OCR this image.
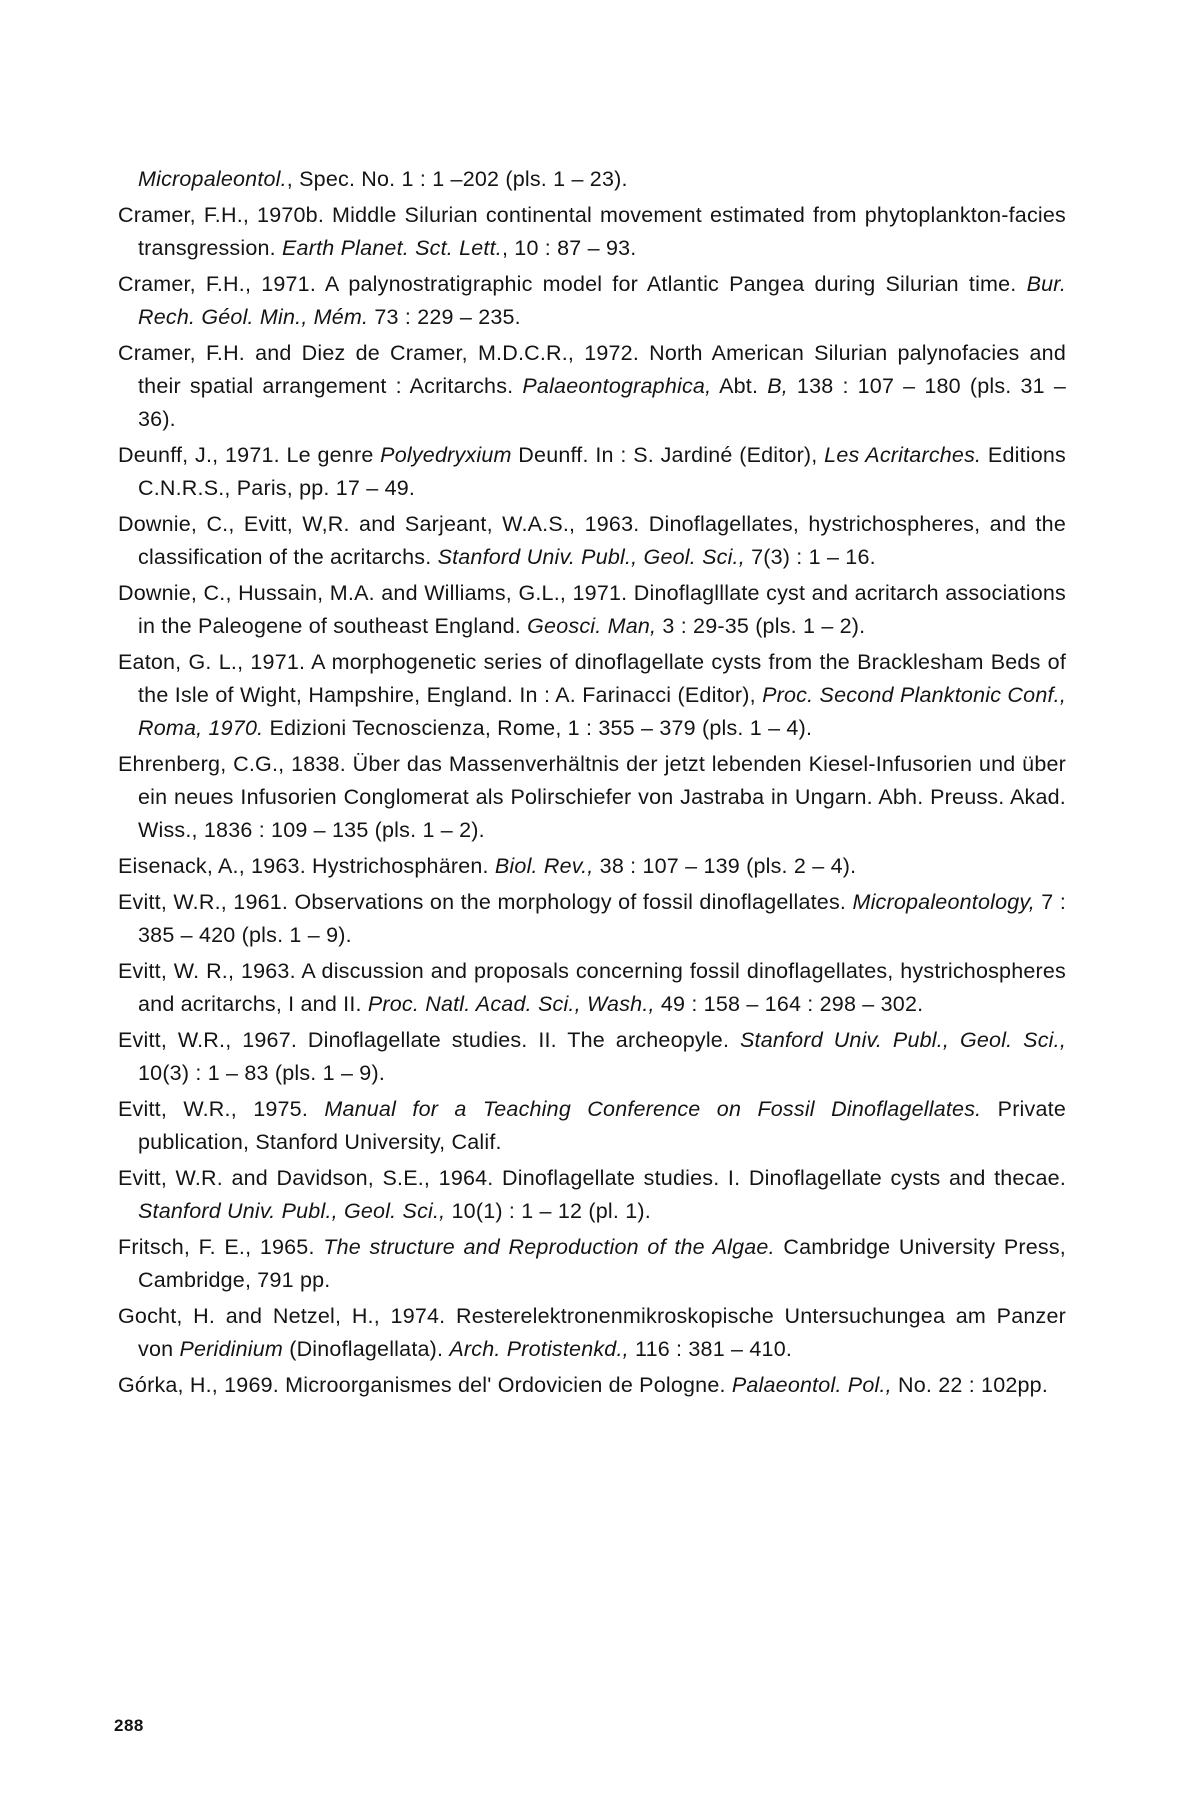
Micropaleontol., Spec. No. 1 : 1 –202 (pls. 1 – 23).

Cramer, F.H., 1970b. Middle Silurian continental movement estimated from phytoplankton-facies transgression. Earth Planet. Sct. Lett., 10 : 87 – 93.

Cramer, F.H., 1971. A palynostratigraphic model for Atlantic Pangea during Silurian time. Bur. Rech. Géol. Min., Mém. 73 : 229 – 235.

Cramer, F.H. and Diez de Cramer, M.D.C.R., 1972. North American Silurian palynofacies and their spatial arrangement : Acritarchs. Palaeontographica, Abt. B, 138 : 107 – 180 (pls. 31 – 36).

Deunff, J., 1971. Le genre Polyedryxium Deunff. In : S. Jardiné (Editor), Les Acritarches. Editions C.N.R.S., Paris, pp. 17 – 49.

Downie, C., Evitt, W,R. and Sarjeant, W.A.S., 1963. Dinoflagellates, hystrichospheres, and the classification of the acritarchs. Stanford Univ. Publ., Geol. Sci., 7(3) : 1 – 16.

Downie, C., Hussain, M.A. and Williams, G.L., 1971. Dinoflaglllate cyst and acritarch associations in the Paleogene of southeast England. Geosci. Man, 3 : 29-35 (pls. 1 – 2).

Eaton, G. L., 1971. A morphogenetic series of dinoflagellate cysts from the Bracklesham Beds of the Isle of Wight, Hampshire, England. In : A. Farinacci (Editor), Proc. Second Planktonic Conf., Roma, 1970. Edizioni Tecnoscienza, Rome, 1 : 355 – 379 (pls. 1 – 4).

Ehrenberg, C.G., 1838. Über das Massenverhältnis der jetzt lebenden Kiesel-Infusorien und über ein neues Infusorien Conglomerat als Polirschiefer von Jastraba in Ungarn. Abh. Preuss. Akad. Wiss., 1836 : 109 – 135 (pls. 1 – 2).

Eisenack, A., 1963. Hystrichosphären. Biol. Rev., 38 : 107 – 139 (pls. 2 – 4).

Evitt, W.R., 1961. Observations on the morphology of fossil dinoflagellates. Micropaleontology, 7 : 385 – 420 (pls. 1 – 9).

Evitt, W. R., 1963. A discussion and proposals concerning fossil dinoflagellates, hystrichospheres and acritarchs, I and II. Proc. Natl. Acad. Sci., Wash., 49 : 158 – 164 : 298 – 302.

Evitt, W.R., 1967. Dinoflagellate studies. II. The archeopyle. Stanford Univ. Publ., Geol. Sci., 10(3) : 1 – 83 (pls. 1 – 9).

Evitt, W.R., 1975. Manual for a Teaching Conference on Fossil Dinoflagellates. Private publication, Stanford University, Calif.

Evitt, W.R. and Davidson, S.E., 1964. Dinoflagellate studies. I. Dinoflagellate cysts and thecae. Stanford Univ. Publ., Geol. Sci., 10(1) : 1 – 12 (pl. 1).

Fritsch, F. E., 1965. The structure and Reproduction of the Algae. Cambridge University Press, Cambridge, 791 pp.

Gocht, H. and Netzel, H., 1974. Resterelektronenmikroskopische Untersuchungea am Panzer von Peridinium (Dinoflagellata). Arch. Protistenkd., 116 : 381 – 410.

Górka, H., 1969. Microorganismes del' Ordovicien de Pologne. Palaeontol. Pol., No. 22 : 102pp.

288
